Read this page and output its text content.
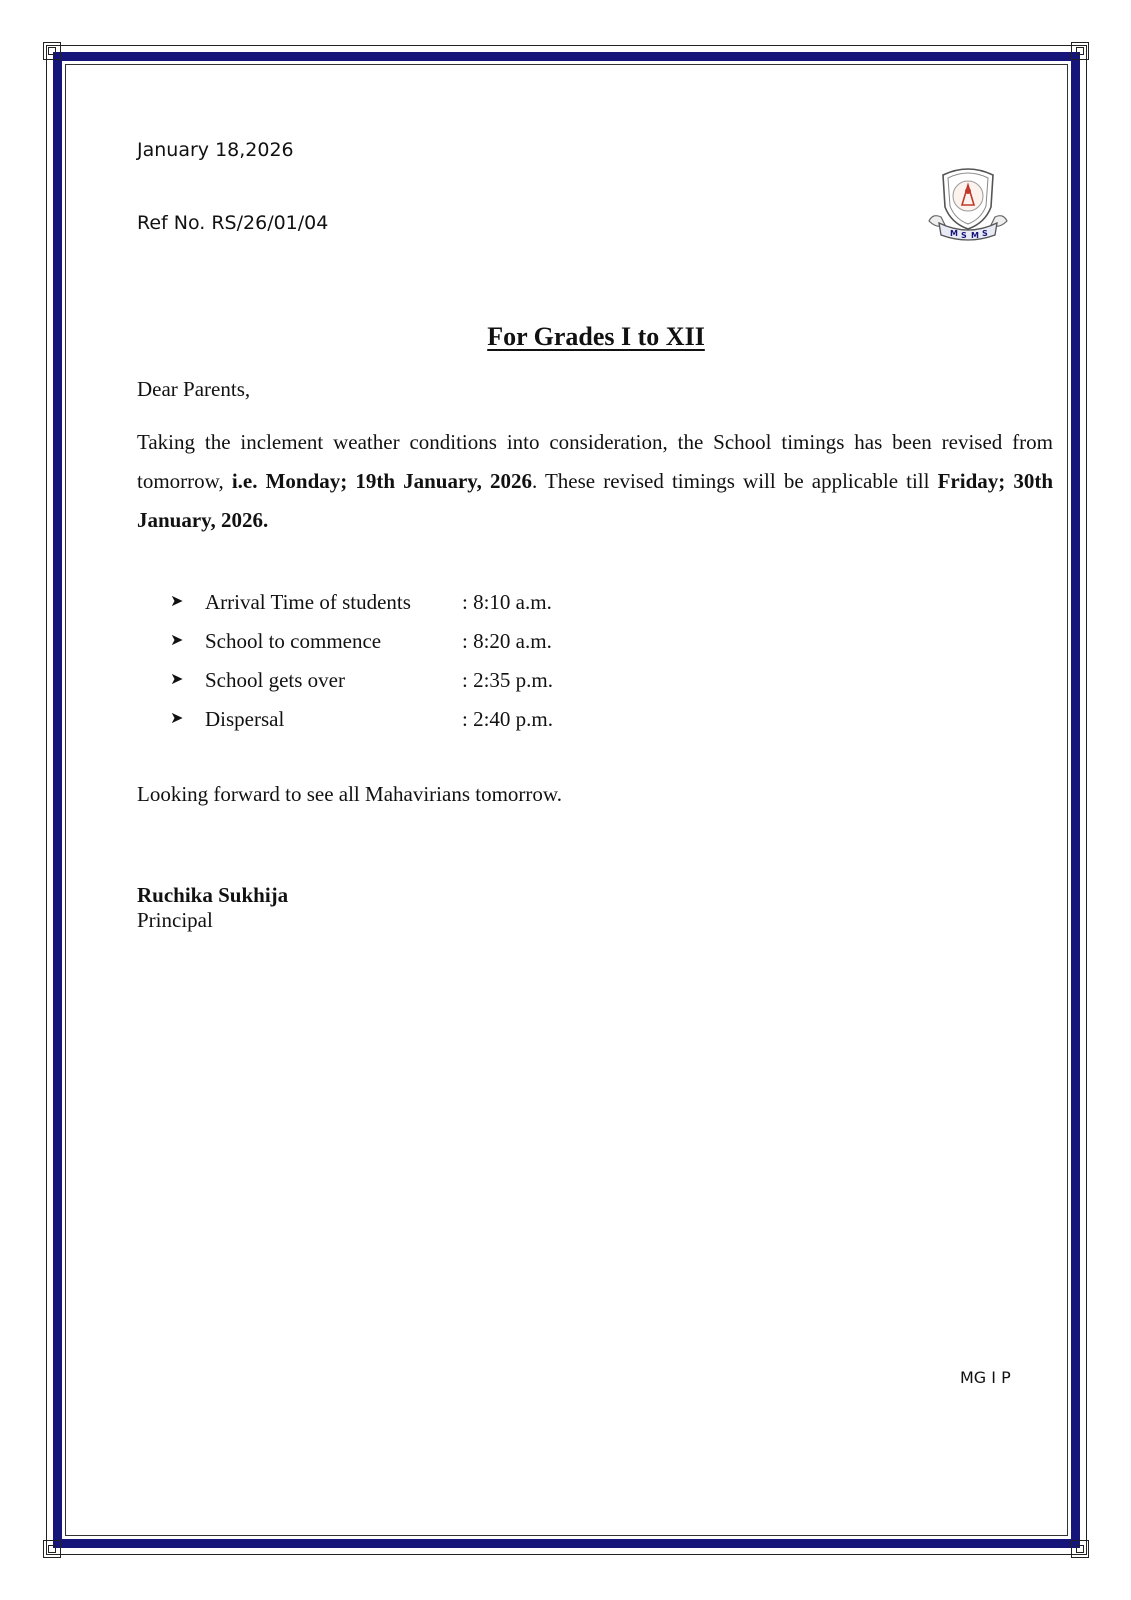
January 18,2026
Ref No. RS/26/01/04	M S M S
For Grades I to XII
Dear Parents,
Taking the inclement weather conditions into consideration, the School timings has been revised from tomorrow, i.e. Monday; 19th January, 2026. These revised timings will be applicable till Friday; 30th January, 2026.
➤ Arrival Time of students : 8:10 a.m.
➤ School to commence	: 8:20 a.m.
➤ School gets over	: 2:35 p.m.
➤ Dispersal	: 2:40 p.m.
Looking forward to see all Mahavirians tomorrow.
Ruchika Sukhija
Principal
MG I P
